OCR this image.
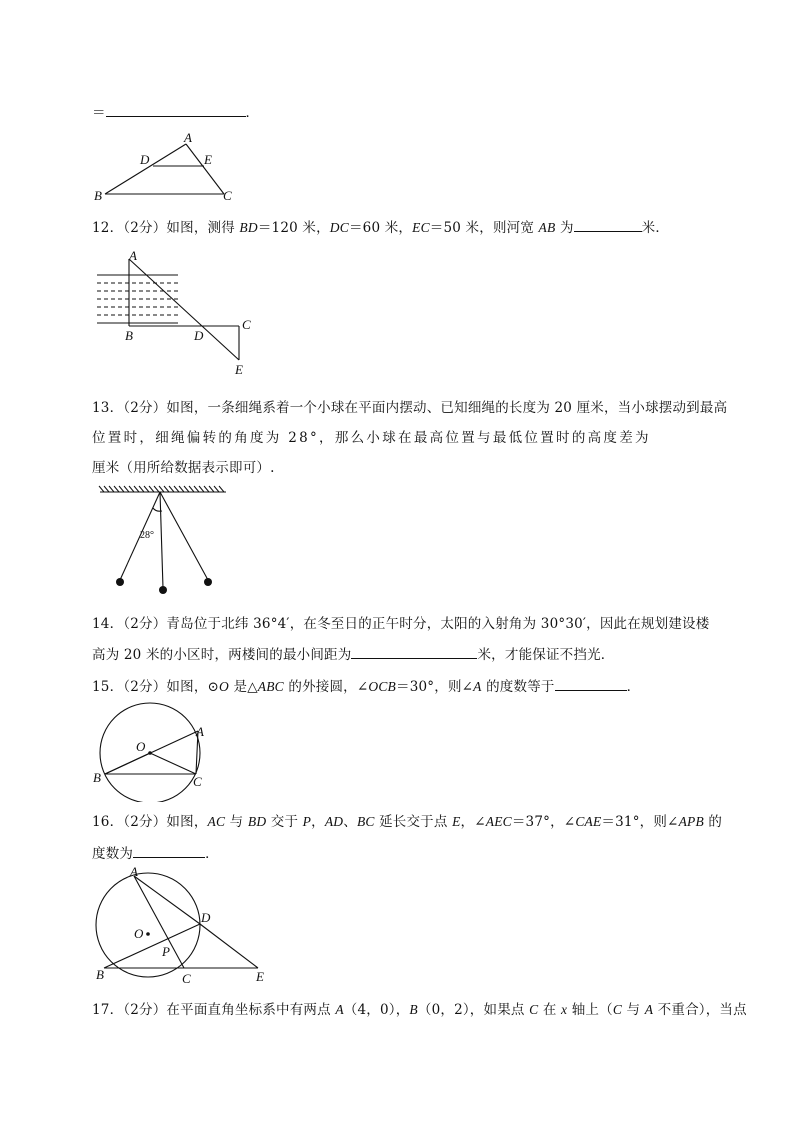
＝	．
A
D	E
B	C
12．（2分）如图，测得 BD＝120 米，DC＝60 米，EC＝50 米，则河宽 AB 为	米．
A
B	D
C
E
13．（2分）如图，一条细绳系着一个小球在平面内摆动、已知细绳的长度为 20 厘米，当小球摆动到最高
位置时，细绳偏转的角度为 28°，那么小球在最高位置与最低位置时的高度差为
厘米（用所给数据表示即可）.
28°
14．（2分）青岛位于北纬 36°4′，在冬至日的正午时分，太阳的入射角为 30°30′，因此在规划建设楼
高为 20 米的小区时，两楼间的最小间距为	米，才能保证不挡光．
15．（2分）如图，⊙O 是△ABC 的外接圆，∠OCB＝30°，则∠A 的度数等于	．
O
A
B	C
16．（2分）如图，AC 与 BD 交于 P，AD、BC 延长交于点 E，∠AEC＝37°，∠CAE＝31°，则∠APB 的
度数为	．
A
O
D
P
B	C	E
17．（2分）在平面直角坐标系中有两点 A（4，0），B（0，2），如果点 C 在 x 轴上（C 与 A 不重合），当点
